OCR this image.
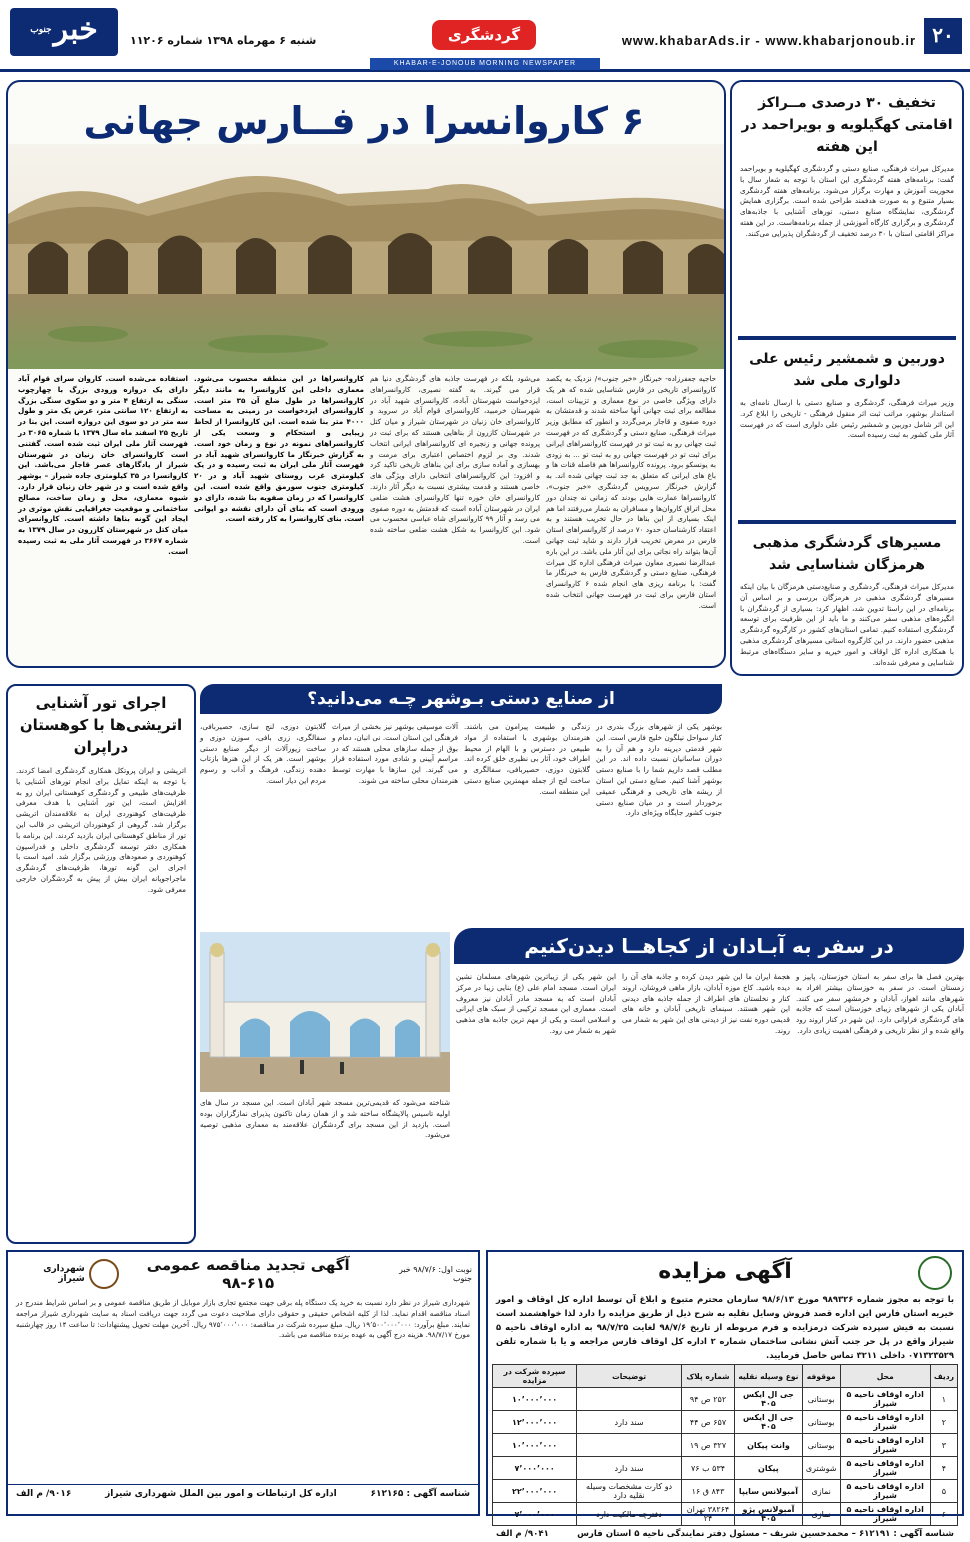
۲۰
www.khabarAds.ir - www.khabarjonoub.ir
گردشگری
خبر$^{جنوب}$
شنبه ۶ مهرماه ۱۳۹۸ شماره ۱۱۲۰۶
KHABAR-E-JONOUB MORNING NEWSPAPER
۶ کاروانسرا در فــارس جهانی
حاجیه جعفرزاده- خبرنگار «خبر جنوب»/ نزدیک به یکصد کاروانسرای تاریخی در فارس شناسایی شده که هر یک دارای ویژگی خاصی در نوع معماری و تزیینات است، مطالعه برای ثبت جهانی آنها ساخته شدند و قدمتشان به دوره صفوی و قاجار برمی‌گردد و انطور که مطابق وزیر میراث فرهنگی، صنایع دستی و گردشگری که در فهرست ثبت جهانی رو به ثبت تو در فهرست کاروانسراهای ایرانی برای ثبت تو در فهرست جهانی رو به ثبت تو ... به زودی به یونسکو برود. پرونده کاروانسراها هم فاصله قنات ها و باغ های ایرانی که متعلق به جد ثبت جهانی شده اند. به گزارش خبرنگار سرویس گردشگری «خبر جنوب»، کاروانسراها عمارت هایی بودند که زمانی نه چندان دور محل اتراق کاروان‌ها و مسافران به شمار می‌رفتند اما هم اینک بسیاری از این بناها در حال تخریب هستند و به اعتقاد کارشناسان حدود ۷۰ درصد از کاروانسراهای استان فارس در معرض تخریب قرار دارند و شاید ثبت جهانی آن‌ها بتواند راه نجاتی برای این آثار ملی باشد. در این باره عبدالرضا نصیری معاون میراث فرهنگی اداره کل میراث فرهنگی، صنایع دستی و گردشگری فارس به خبرنگار ما گفت: با برنامه ریزی های انجام شده ۶ کاروانسرای استان فارس برای ثبت در فهرست جهانی انتخاب شده است.
می‌شود بلکه در فهرست جاذبه های گردشگری دنیا هم قرار می گیرند. به گفته نصیری، کاروانسراهای ایزدخواست شهرستان آباده، کاروانسرای شهید آباد در شهرستان خرمبید، کاروانسرای قوام آباد در سروبد و کاروانسرای خان زنیان در شهرستان شیراز و میان کتل در شهرستان کازرون از بناهایی هستند که برای ثبت در پرونده جهانی و زنجیره ای کاروانسراهای ایرانی انتخاب شدند. وی بر لزوم اختصاص اعتباری برای مرمت و بهسازی و آماده سازی برای این بناهای تاریخی تاکید کرد و افزود: این کاروانسراهای انتخابی دارای ویژگی های خاصی هستند و قدمت بیشتری نسبت به دیگر آثار دارند. کاروانسرای خان خوره تنها کاروانسرای هشت ضلعی ایران در شهرستان آباده است که قدمتش به دوره صفوی می رسد و آثار ۹۹ کاروانسرای شاه عباسی محسوب می شود. ابن کاروانسرا به شکل هشت ضلعی ساخته شده است.
کاروانسراها در این منطقه محسوب می‌شود. معماری داخلی این کاروانسرا به مانند دیگر کاروانسراها در طول ضلع آن ۳۵ متر است. کاروانسرای ایزدخواست در زمینی به مساحت ۴۰۰۰ متر بنا شده است. این کاروانسرا از لحاظ زیبایی و استحکام و وسعت یکی از کاروانسراهای نمونه در نوع و زمان خود است. به گزارش خبرنگار ما کاروانسرای شهید آباد در فهرست آثار ملی ایران به ثبت رسیده و در یک کیلومتری غرب روستای شهید آباد و در ۲۰ کیلومتری جنوب سورمق واقع شده است. این کاروانسرا که در زمان صفویه بنا شده، دارای دو ورودی است که بنای آن دارای نقشه دو ایوانی است. بنای کاروانسرا به کار رفته است.
استفاده می‌شده است. کاروان سرای قوام آباد دارای یک دروازه ورودی بزرگ با چهارچوب سنگی به ارتفاع ۴ متر و دو سکوی سنگی بزرگ به ارتفاع ۱۲۰ سانتی متر، عرض یک متر و طول سه متر در دو سوی این دروازه است. این بنا در تاریخ ۲۵ اسفند ماه سال ۱۳۷۹ با شماره ۳۰۶۵ در فهرست آثار ملی ایران ثبت شده است. گفتنی است کاروانسرای خان زنیان در شهرستان شیراز از یادگارهای عصر قاجار می‌باشد. این کاروانسرا در ۳۵ کیلومتری جاده شیراز – بوشهر واقع شده است و در شهر خان زنیان قرار دارد. شیوه معماری، محل و زمان ساخت، مصالح ساختمانی و موقعیت جغرافیایی نقش موثری در ایجاد این گونه بناها داشته است. کاروانسرای میان کتل در شهرستان کازرون در سال ۱۳۷۹ به شماره ۳۶۶۷ در فهرست آثار ملی به ثبت رسیده است.
تخفیف ۳۰ درصدی مــراکز اقامتی کهگیلویه و بویراحمد در این هفته
مدیرکل میراث فرهنگی، صنایع دستی و گردشگری کهگیلویه و بویراحمد گفت: برنامه‌های هفته گردشگری این استان با توجه به شعار سال با محوریت آموزش و مهارت برگزار می‌شود. برنامه‌های هفته گردشگری بسیار متنوع و به صورت هدفمند طراحی شده است. برگزاری همایش گردشگری، نمایشگاه صنایع دستی، تورهای آشنایی با جاذبه‌های گردشگری و برگزاری کارگاه آموزشی از جمله برنامه‌هاست. در این هفته مراکز اقامتی استان با ۳۰ درصد تخفیف از گردشگران پذیرایی می‌کنند.
دوربین و شمشیر رئیس علی دلواری ملی شد
وزیر میراث فرهنگی، گردشگری و صنایع دستی با ارسال نامه‌ای به استاندار بوشهر، مراتب ثبت اثر منقول فرهنگی - تاریخی را ابلاغ کرد. این اثر شامل دوربین و شمشیر رئیس علی دلواری است که در فهرست آثار ملی کشور به ثبت رسیده است.
مسیرهای گردشگری مذهبی هرمزگان شناسایی شد
مدیرکل میراث فرهنگی، گردشگری و صنایع‌دستی هرمزگان با بیان اینکه مسیرهای گردشگری مذهبی در هرمزگان بررسی و بر اساس آن برنامه‌ای در این راستا تدوین شد، اظهار کرد: بسیاری از گردشگران با انگیزه‌های مذهبی سفر می‌کنند و ما باید از این ظرفیت برای توسعه گردشگری استفاده کنیم. تمامی استان‌های کشور در کارگروه گردشگری مذهبی حضور دارند. در این کارگروه استانی مسیرهای گردشگری مذهبی با همکاری اداره کل اوقاف و امور خیریه و سایر دستگاه‌های مرتبط شناسایی و معرفی شده‌اند.
از صنایع دستی بـوشهر چـه می‌دانید؟
بوشهر یکی از شهرهای بزرگ بندری در کنار سواحل نیلگون خلیج فارس است. این شهر قدمتی دیرینه دارد و هم آن را به دوران ساسانیان نسبت داده اند. در این مطلب قصد داریم شما را با صنایع دستی بوشهر آشنا کنیم. صنایع دستی این استان از ریشه های تاریخی و فرهنگی عمیقی برخوردار است و در میان صنایع دستی جنوب کشور جایگاه ویژه‌ای دارد.
زندگی و طبیعت پیرامون می باشند. هنرمندان بوشهری با استفاده از مواد طبیعی در دسترس و با الهام از محیط اطراف خود، آثار بی نظیری خلق کرده اند. گلابتون دوزی، حصیربافی، سفالگری و ساخت لنج از جمله مهمترین صنایع دستی این منطقه است.
آلات موسیقی بوشهر نیز بخشی از میراث فرهنگی این استان است. نی انبان، دمام و بوق از جمله سازهای محلی هستند که در مراسم آیینی و شادی مورد استفاده قرار می گیرند. این سازها با مهارت توسط هنرمندان محلی ساخته می شوند.
گلابتون دوزی، لنج سازی، حصیربافی، سفالگری، زری بافی، سوزن دوزی و ساخت زیورآلات از دیگر صنایع دستی بوشهر است. هر یک از این هنرها بازتاب دهنده زندگی، فرهنگ و آداب و رسوم مردم این دیار است.
اجرای تور آشنایی اتریشی‌ها با کوهستان دراپران
اتریشی و ایران پروتکل همکاری گردشگری امضا کردند. با توجه به اینکه تمایل برای انجام تورهای آشنایی با ظرفیت‌های طبیعی و گردشگری کوهستانی ایران رو به افزایش است، این تور آشنایی با هدف معرفی ظرفیت‌های کوهنوردی ایران به علاقه‌مندان اتریشی برگزار شد. گروهی از کوهنوردان اتریشی در قالب این تور از مناطق کوهستانی ایران بازدید کردند. این برنامه با همکاری دفتر توسعه گردشگری داخلی و فدراسیون کوهنوردی و صعودهای ورزشی برگزار شد. امید است با اجرای این گونه تورها، ظرفیت‌های گردشگری ماجراجویانه ایران بیش از پیش به گردشگران خارجی معرفی شود.
در سفر به آبـادان از کجاهــا دیدن‌کنیم
بهترین فصل ها برای سفر به استان خوزستان، پاییز و زمستان است. در سفر به خوزستان بیشتر افراد به شهرهای مانند اهواز، آبادان و خرمشهر سفر می کنند. آبادان یکی از شهرهای زیبای خوزستان است که جاذبه های گردشگری فراوانی دارد. این شهر در کنار اروند رود واقع شده و از نظر تاریخی و فرهنگی اهمیت زیادی دارد.
هجمهٔ ایران ما این شهر دیدن کرده و جاذبه های آن را دیده باشید. کاخ موزه آبادان، بازار ماهی فروشان، اروند کنار و نخلستان های اطراف از جمله جاذبه های دیدنی این شهر هستند. سینمای تاریخی آبادان و خانه های قدیمی دوره نفت نیز از دیدنی های این شهر به شمار می روند.
این شهر یکی از زیباترین شهرهای مسلمان نشین ایران است. مسجد امام علی (ع) بنایی زیبا در مرکز آبادان است که به مسجد مادر آبادان نیز معروف است. معماری این مسجد ترکیبی از سبک های ایرانی و اسلامی است و یکی از مهم ترین جاذبه های مذهبی شهر به شمار می رود.
شناخته می‌شود که قدیمی‌ترین مسجد شهر آبادان است. این مسجد در سال های اولیه تاسیس پالایشگاه ساخته شد و از همان زمان تاکنون پذیرای نمازگزاران بوده است. بازدید از این مسجد برای گردشگران علاقه‌مند به معماری مذهبی توصیه می‌شود.
نوبت اول: ۹۸/۷/۶ خبر جنوب
آگهی تجدید مناقصه عمومی ۶۱۵-۹۸
شهرداری شیراز
شهرداری شیراز در نظر دارد نسبت به خرید یک دستگاه پله برقی جهت مجتمع تجاری بازار موبایل از طریق مناقصه عمومی و بر اساس شرایط مندرج در اسناد مناقصه اقدام نماید. لذا از کلیه اشخاص حقیقی و حقوقی دارای صلاحیت دعوت می گردد جهت دریافت اسناد به سایت شهرداری شیراز مراجعه نمایند. مبلغ برآورد: ۱۹٬۵۰۰٬۰۰۰٬۰۰۰ ریال. مبلغ سپرده شرکت در مناقصه: ۹۷۵٬۰۰۰٬۰۰۰ ریال. آخرین مهلت تحویل پیشنهادات: تا ساعت ۱۴ روز چهارشنبه مورخ ۹۸/۷/۱۷. هزینه درج آگهی به عهده برنده مناقصه می باشد.
شناسه آگهی : ۶۱۲۱۶۵
اداره کل ارتباطات و امور بین الملل شهرداری شیراز
۹۰۱۶/ م الف
آگهی مزایده
با توجه به مجوز شماره ۹۸۹۳۲۶ مورخ ۹۸/۶/۱۳ سازمان محترم متبوع و ابلاغ آن توسط اداره کل اوقاف و امور خیریه استان فارس این اداره قصد فروش وسایل نقلیه به شرح ذیل از طریق مزایده را دارد لذا خواهشمند است نسبت به فیش سپرده شرکت درمزایده و فرم مربوطه از تاریخ ۹۸/۷/۶ لغایت ۹۸/۷/۲۵ به اداره اوقاف ناحیه ۵ شیراز واقع در پل حر جنب آتش نشانی ساختمان شماره ۲ اداره کل اوقاف فارس مراجعه و یا با شماره تلفن ۰۷۱۳۲۳۵۲۹ داخلی ۳۲۱۱ تماس حاصل فرمایید.
ردیف	محل	موقوفه	نوع وسیله نقلیه	شماره پلاک	توضیحات	سپرده شرکت در مزایده
۱	اداره اوقاف ناحیه ۵ شیراز	بوستانی	جی ال ایکس ۴۰۵	۲۵۲ ص ۹۴		۱۰٬۰۰۰٬۰۰۰
۲	اداره اوقاف ناحیه ۵ شیراز	بوستانی	جی ال ایکس ۴۰۵	۶۵۷ ص ۴۴	سند دارد	۱۲٬۰۰۰٬۰۰۰
۳	اداره اوقاف ناحیه ۵ شیراز	بوستانی	وانت پیکان	۳۲۷ ص ۱۹		۱۰٬۰۰۰٬۰۰۰
۴	اداره اوقاف ناحیه ۵ شیراز	شوشتری	پیکان	۵۳۴ ب ۷۶	سند دارد	۷٬۰۰۰٬۰۰۰
۵	اداره اوقاف ناحیه ۵ شیراز	نمازی	آمبولانس سایپا	۸۴۳ ق ۱۶	دو کارت مشخصات وسیله نقلیه دارد	۲۲٬۰۰۰٬۰۰۰
۶	اداره اوقاف ناحیه ۵ شیراز	نمازی	آمبولانس پژو ۴۰۵	۳۸۲۶۴ تهران ۲۴	دفترچه مالکیت دارد	۷٬۰۰۰٬۰۰۰
شناسه آگهی : ۶۱۲۱۹۱ – محمدحسین شریف – مسئول دفتر نمایندگی ناحیه ۵ استان فارس
۹۰۴۱/ م الف
